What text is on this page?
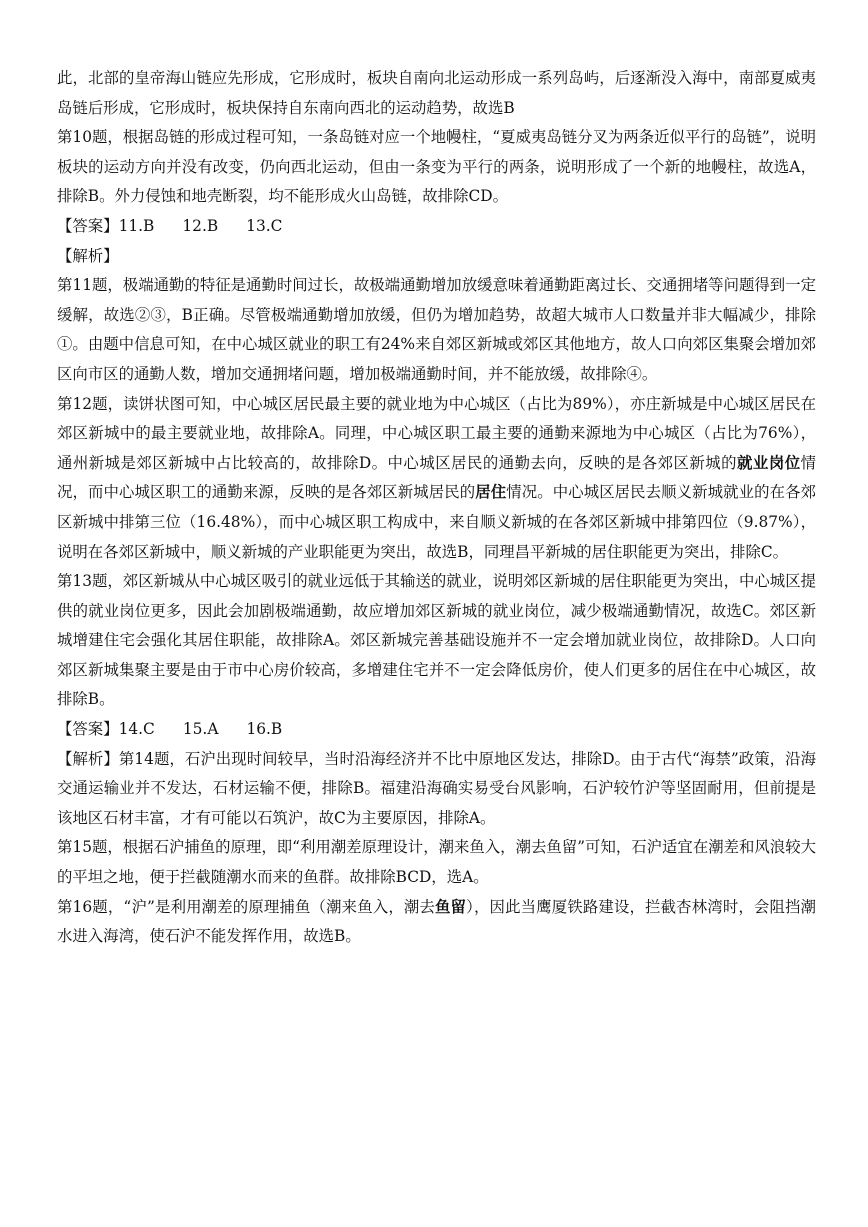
此，北部的皇帝海山链应先形成，它形成时，板块自南向北运动形成一系列岛屿，后逐渐没入海中，南部夏威夷岛链后形成，它形成时，板块保持自东南向西北的运动趋势，故选B

第10题，根据岛链的形成过程可知，一条岛链对应一个地幔柱，“夏威夷岛链分叉为两条近似平行的岛链”，说明板块的运动方向并没有改变，仍向西北运动，但由一条变为平行的两条，说明形成了一个新的地幔柱，故选A，排除B。外力侵蚀和地壳断裂，均不能形成火山岛链，故排除CD。

【答案】11.B 12.B 13.C

【解析】

第11题，极端通勤的特征是通勤时间过长，故极端通勤增加放缓意味着通勤距离过长、交通拥堵等问题得到一定缓解，故选②③，B正确。尽管极端通勤增加放缓，但仍为增加趋势，故超大城市人口数量并非大幅减少，排除①。由题中信息可知，在中心城区就业的职工有24%来自郊区新城或郊区其他地方，故人口向郊区集聚会增加郊区向市区的通勤人数，增加交通拥堵问题，增加极端通勤时间，并不能放缓，故排除④。

第12题，读饼状图可知，中心城区居民最主要的就业地为中心城区（占比为89%），亦庄新城是中心城区居民在郊区新城中的最主要就业地，故排除A。同理，中心城区职工最主要的通勤来源地为中心城区（占比为76%），通州新城是郊区新城中占比较高的，故排除D。中心城区居民的通勤去向，反映的是各郊区新城的就业岗位情况，而中心城区职工的通勤来源，反映的是各郊区新城居民的居住情况。中心城区居民去顺义新城就业的在各郊区新城中排第三位（16.48%），而中心城区职工构成中，来自顺义新城的在各郊区新城中排第四位（9.87%），说明在各郊区新城中，顺义新城的产业职能更为突出，故选B，同理昌平新城的居住职能更为突出，排除C。

第13题，郊区新城从中心城区吸引的就业远低于其输送的就业，说明郊区新城的居住职能更为突出，中心城区提供的就业岗位更多，因此会加剧极端通勤，故应增加郊区新城的就业岗位，减少极端通勤情况，故选C。郊区新城增建住宅会强化其居住职能，故排除A。郊区新城完善基础设施并不一定会增加就业岗位，故排除D。人口向郊区新城集聚主要是由于市中心房价较高，多增建住宅并不一定会降低房价，使人们更多的居住在中心城区，故排除B。

【答案】14.C 15.A 16.B

【解析】第14题，石沪出现时间较早，当时沿海经济并不比中原地区发达，排除D。由于古代“海禁”政策，沿海交通运输业并不发达，石材运输不便，排除B。福建沿海确实易受台风影响，石沪较竹沪等坚固耐用，但前提是该地区石材丰富，才有可能以石筑沪，故C为主要原因，排除A。

第15题，根据石沪捕鱼的原理，即“利用潮差原理设计，潮来鱼入，潮去鱼留”可知，石沪适宜在潮差和风浪较大的平坦之地，便于拦截随潮水而来的鱼群。故排除BCD，选A。

第16题，“沪”是利用潮差的原理捕鱼（潮来鱼入，潮去鱼留），因此当鹰厦铁路建设，拦截杏林湾时，会阻挡潮水进入海湾，使石沪不能发挥作用，故选B。
